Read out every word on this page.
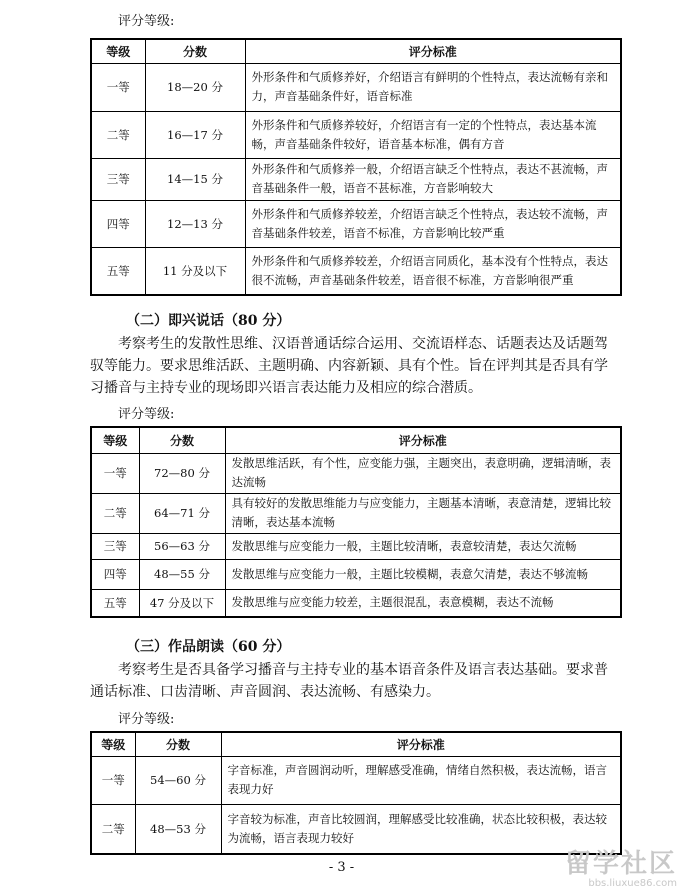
评分等级:
等级	分数	评分标准
一等	18—20 分	外形条件和气质修养好，介绍语言有鲜明的个性特点，表达流畅有亲和力，声音基础条件好，语音标准
二等	16—17 分	外形条件和气质修养较好，介绍语言有一定的个性特点，表达基本流畅，声音基础条件较好，语音基本标准，偶有方音
三等	14—15 分	外形条件和气质修养一般，介绍语言缺乏个性特点，表达不甚流畅，声音基础条件一般，语音不甚标准，方音影响较大
四等	12—13 分	外形条件和气质修养较差，介绍语言缺乏个性特点，表达较不流畅，声音基础条件较差，语音不标准，方音影响比较严重
五等	11 分及以下	外形条件和气质修养较差，介绍语言同质化，基本没有个性特点，表达很不流畅，声音基础条件较差，语音很不标准，方音影响很严重
（二）即兴说话（80 分）
考察考生的发散性思维、汉语普通话综合运用、交流语样态、话题表达及话题驾驭等能力。要求思维活跃、主题明确、内容新颖、具有个性。旨在评判其是否具有学习播音与主持专业的现场即兴语言表达能力及相应的综合潜质。
评分等级:
等级	分数	评分标准
一等	72—80 分	发散思维活跃，有个性，应变能力强，主题突出，表意明确，逻辑清晰，表达流畅
二等	64—71 分	具有较好的发散思维能力与应变能力，主题基本清晰，表意清楚，逻辑比较清晰，表达基本流畅
三等	56—63 分	发散思维与应变能力一般，主题比较清晰，表意较清楚，表达欠流畅
四等	48—55 分	发散思维与应变能力一般，主题比较模糊，表意欠清楚，表达不够流畅
五等	47 分及以下	发散思维与应变能力较差，主题很混乱，表意模糊，表达不流畅
（三）作品朗读（60 分）
考察考生是否具备学习播音与主持专业的基本语音条件及语言表达基础。要求普通话标准、口齿清晰、声音圆润、表达流畅、有感染力。
评分等级:
等级	分数	评分标准
一等	54—60 分	字音标准，声音圆润动听，理解感受准确，情绪自然积极，表达流畅，语言表现力好
二等	48—53 分	字音较为标准，声音比较圆润，理解感受比较准确，状态比较积极，表达较为流畅，语言表现力较好
- 3 -	留学社区
bbs.liuxue86.com
